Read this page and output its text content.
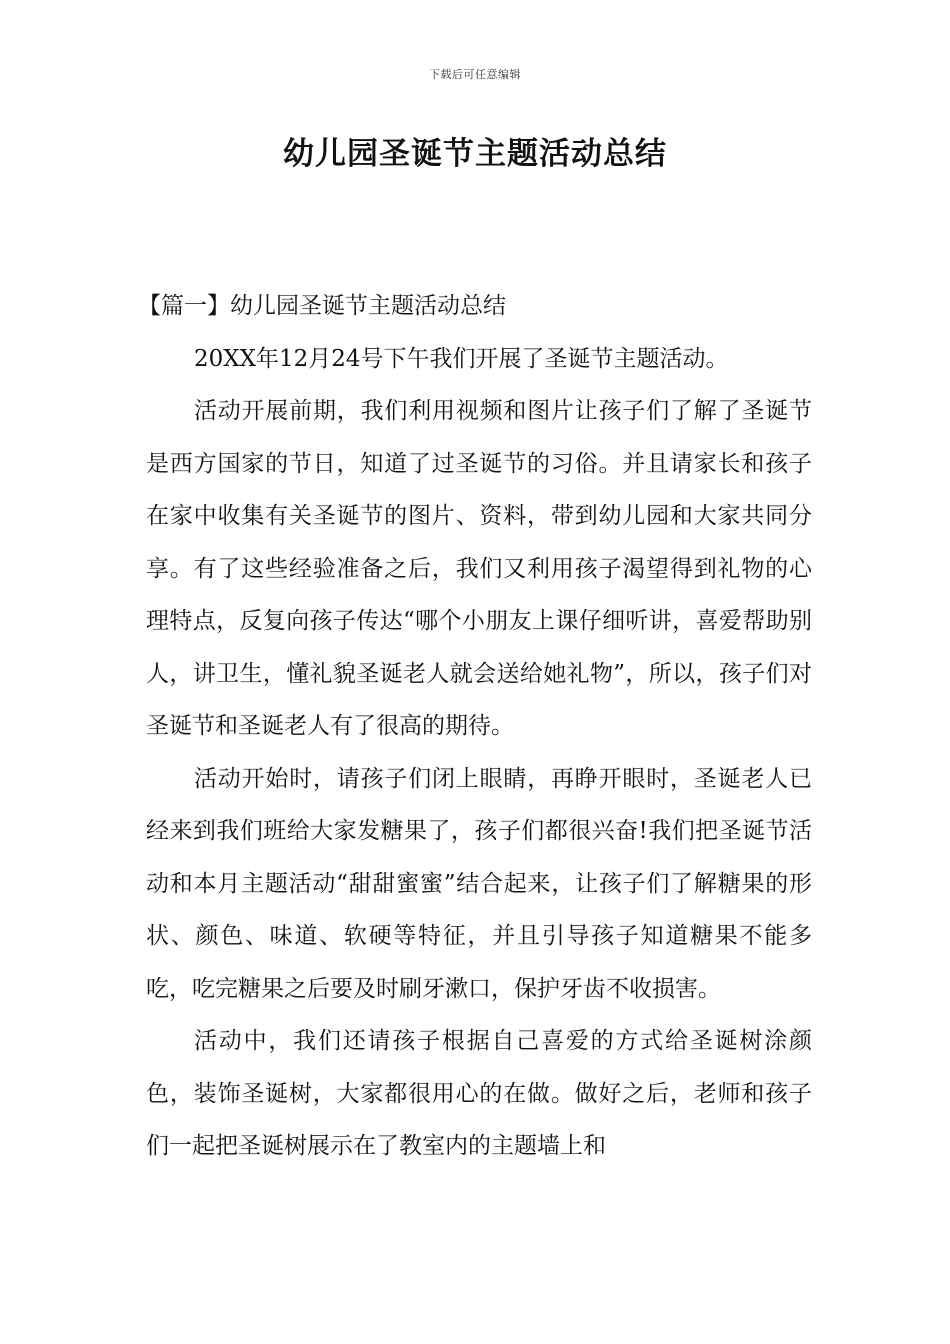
下载后可任意编辑
幼儿园圣诞节主题活动总结

【篇一】幼儿园圣诞节主题活动总结

20XX年12月24号下午我们开展了圣诞节主题活动。

活动开展前期，我们利用视频和图片让孩子们了解了圣诞节是西方国家的节日，知道了过圣诞节的习俗。并且请家长和孩子在家中收集有关圣诞节的图片、资料，带到幼儿园和大家共同分享。有了这些经验准备之后，我们又利用孩子渴望得到礼物的心理特点，反复向孩子传达“哪个小朋友上课仔细听讲，喜爱帮助别人，讲卫生，懂礼貌圣诞老人就会送给她礼物”，所以，孩子们对圣诞节和圣诞老人有了很高的期待。

活动开始时，请孩子们闭上眼睛，再睁开眼时，圣诞老人已经来到我们班给大家发糖果了，孩子们都很兴奋!我们把圣诞节活动和本月主题活动“甜甜蜜蜜”结合起来，让孩子们了解糖果的形状、颜色、味道、软硬等特征，并且引导孩子知道糖果不能多吃，吃完糖果之后要及时刷牙漱口，保护牙齿不收损害。

活动中，我们还请孩子根据自己喜爱的方式给圣诞树涂颜色，装饰圣诞树，大家都很用心的在做。做好之后，老师和孩子们一起把圣诞树展示在了教室内的主题墙上和
